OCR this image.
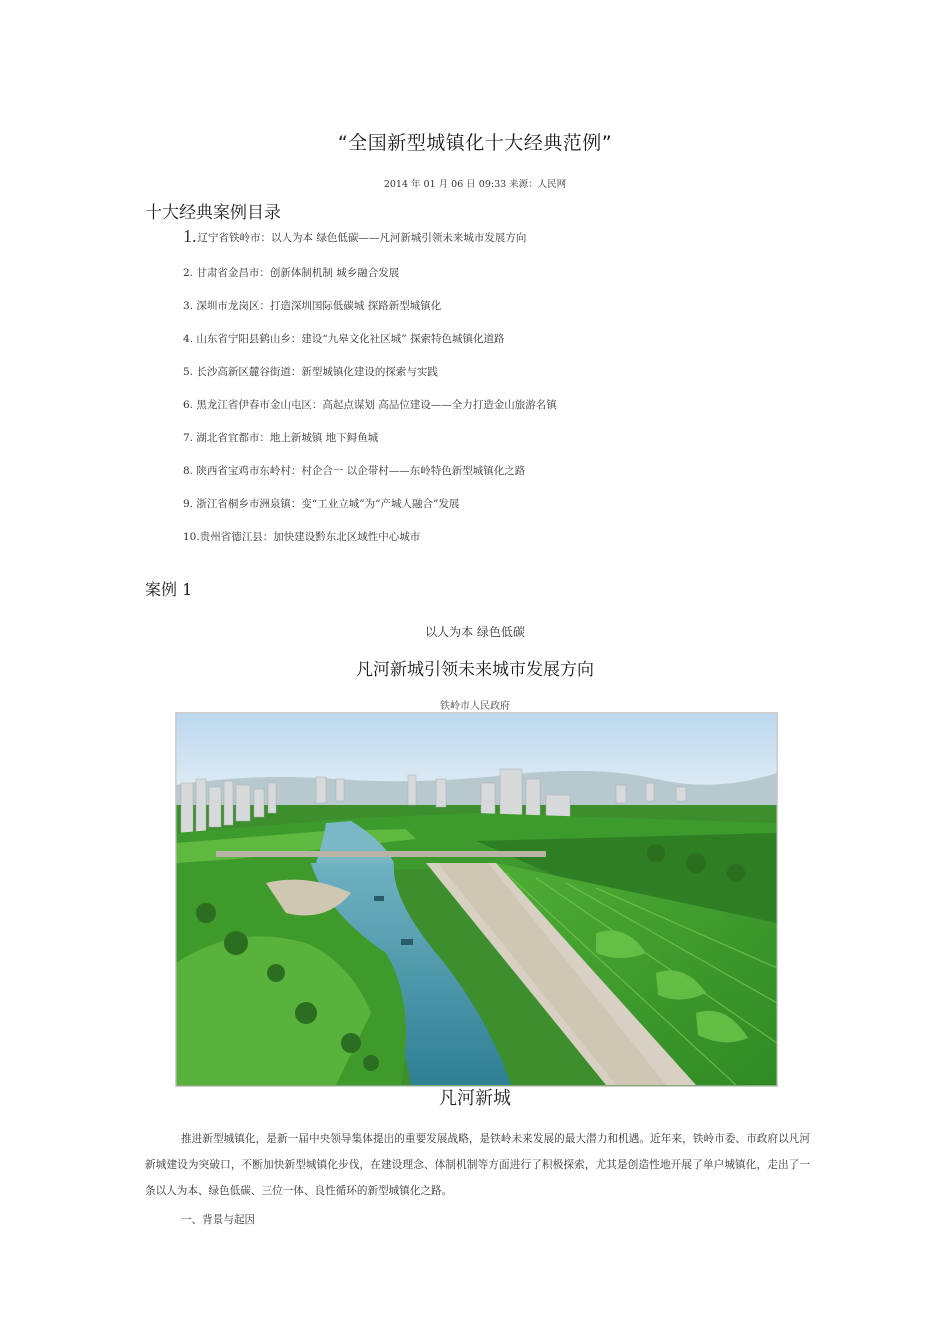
“全国新型城镇化十大经典范例”
2014 年 01 月 06 日 09:33 来源：人民网
十大经典案例目录
1.辽宁省铁岭市：以人为本 绿色低碳——凡河新城引领未来城市发展方向
2. 甘肃省金昌市：创新体制机制 城乡融合发展
3. 深圳市龙岗区：打造深圳国际低碳城 探路新型城镇化
4. 山东省宁阳县鹤山乡：建设“九皋文化社区城” 探索特色城镇化道路
5. 长沙高新区麓谷街道：新型城镇化建设的探索与实践
6. 黑龙江省伊春市金山屯区：高起点谋划 高品位建设——全力打造金山旅游名镇
7. 湖北省宜都市：地上新城镇 地下鲟鱼城
8. 陕西省宝鸡市东岭村：村企合一 以企带村——东岭特色新型城镇化之路
9. 浙江省桐乡市洲泉镇：变“工业立城”为“产城人融合”发展
10.贵州省德江县：加快建设黔东北区域性中心城市
案例 1
以人为本 绿色低碳
凡河新城引领未来城市发展方向
铁岭市人民政府
凡河新城
推进新型城镇化，是新一届中央领导集体提出的重要发展战略，是铁岭未来发展的最大潜力和机遇。近年来，铁岭市委、市政府以凡河新城建设为突破口，不断加快新型城镇化步伐，在建设理念、体制机制等方面进行了积极探索，尤其是创造性地开展了单户城镇化，走出了一条以人为本、绿色低碳、三位一体、良性循环的新型城镇化之路。
一、背景与起因
